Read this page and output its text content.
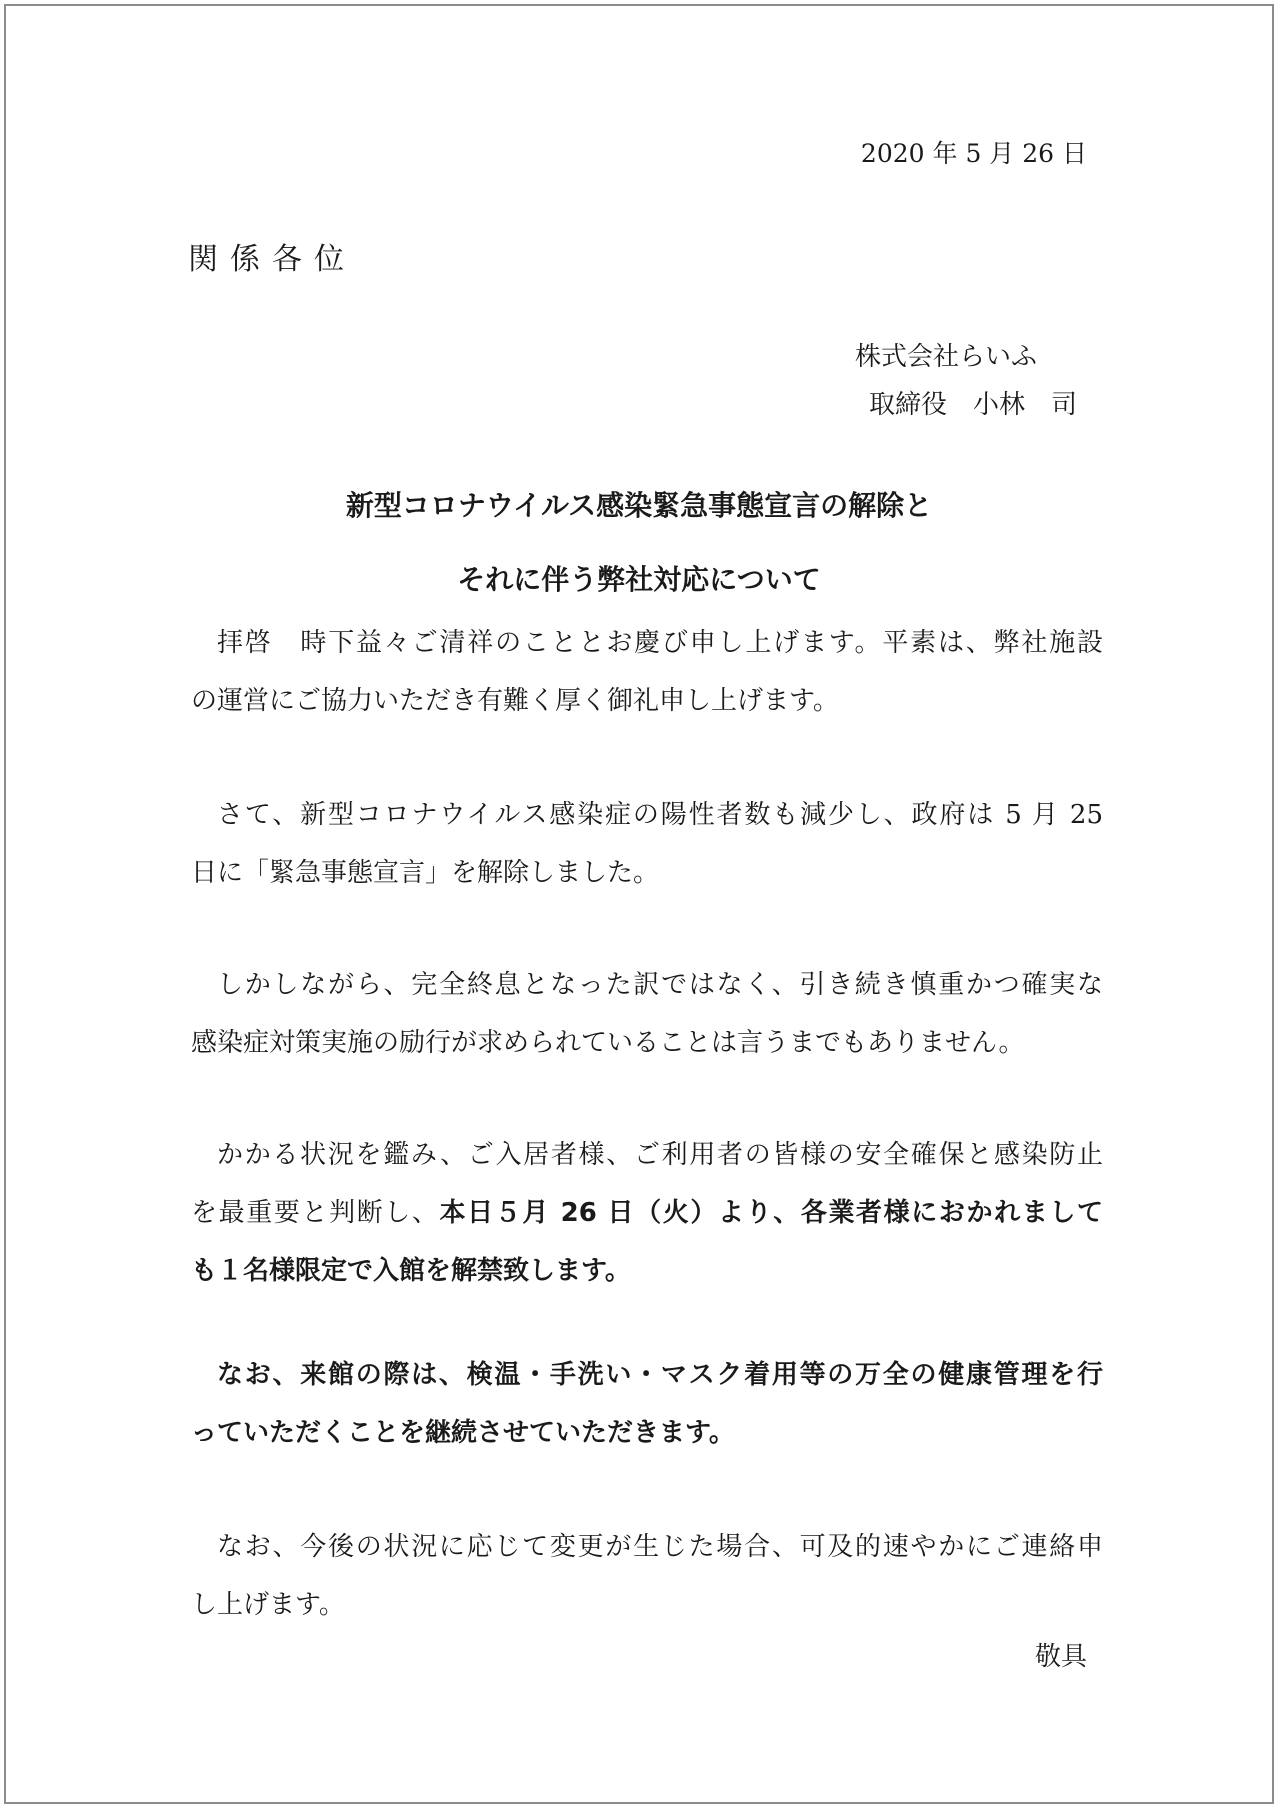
2020 年 5 月 26 日

関係各位

株式会社らいふ

取締役　小林　司

新型コロナウイルス感染緊急事態宣言の解除と

それに伴う弊社対応について

拝啓　時下益々ご清祥のこととお慶び申し上げます。平素は、弊社施設
の運営にご協力いただき有難く厚く御礼申し上げます。
さて、新型コロナウイルス感染症の陽性者数も減少し、政府は 5 月 25
日に「緊急事態宣言」を解除しました。
しかしながら、完全終息となった訳ではなく、引き続き慎重かつ確実な
感染症対策実施の励行が求められていることは言うまでもありません。
かかる状況を鑑み、ご入居者様、ご利用者の皆様の安全確保と感染防止
を最重要と判断し、本日５月 26 日（火）より、各業者様におかれまして
も１名様限定で入館を解禁致します。
なお、来館の際は、検温・手洗い・マスク着用等の万全の健康管理を行
っていただくことを継続させていただきます。
なお、今後の状況に応じて変更が生じた場合、可及的速やかにご連絡申
し上げます。

敬具
